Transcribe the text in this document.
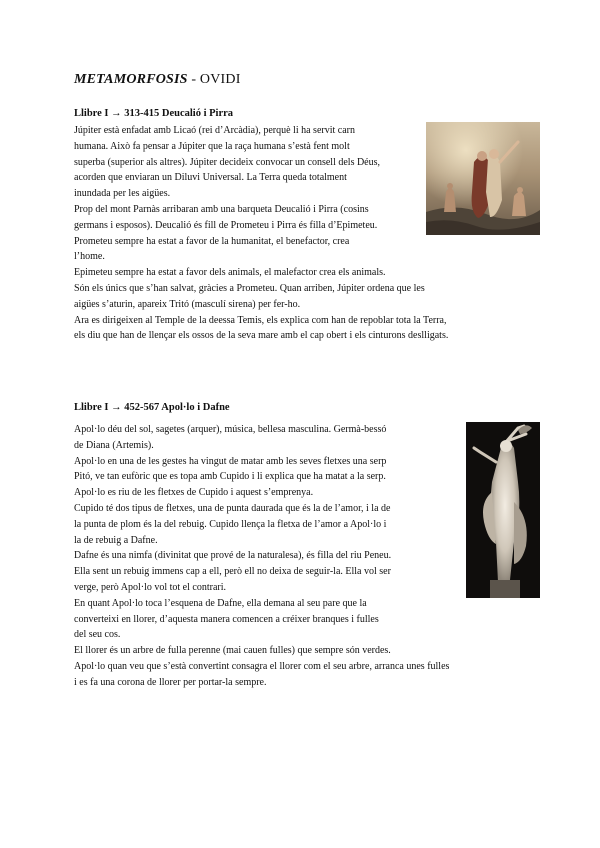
METAMORFOSIS - OVIDI
Llibre I → 313-415 Deucalió i Pirra

Júpiter està enfadat amb Licaó (rei d’Arcàdia), perquè li ha servit carn

humana. Això fa pensar a Júpiter que la raça humana s’està fent molt

superba (superior als altres). Júpiter decideix convocar un consell dels Déus,

acorden que enviaran un Diluvi Universal. La Terra queda totalment

inundada per les aigües.

Prop del mont Parnàs arribaran amb una barqueta Deucalió i Pirra (cosins

germans i esposos). Deucalió és fill de Prometeu i Pirra és filla d’Epimeteu.

Prometeu sempre ha estat a favor de la humanitat, el benefactor, crea

l’home.

Epimeteu sempre ha estat a favor dels animals, el malefactor crea els animals.

Són els únics que s’han salvat, gràcies a Prometeu. Quan arriben, Júpiter ordena que les

aigües s’aturin, apareix Tritó (masculí sirena) per fer-ho.

Ara es dirigeixen al Temple de la deessa Temis, els explica com han de repoblar tota la Terra,

els diu que han de llençar els ossos de la seva mare amb el cap obert i els cinturons deslligats.

Llibre I → 452-567 Apol·lo i Dafne

Apol·lo déu del sol, sagetes (arquer), música, bellesa masculina. Germà-bessó

de Diana (Artemis).

Apol·lo en una de les gestes ha vingut de matar amb les seves fletxes una serp

Pitó, ve tan eufòric que es topa amb Cupido i li explica que ha matat a la serp.

Apol·lo es riu de les fletxes de Cupido i aquest s’emprenya.

Cupido té dos tipus de fletxes, una de punta daurada que és la de l’amor, i la de

la punta de plom és la del rebuig. Cupido llença la fletxa de l’amor a Apol·lo i

la de rebuig a Dafne.

Dafne és una nimfa (divinitat que prové de la naturalesa), és filla del riu Peneu.

Ella sent un rebuig immens cap a ell, però ell no deixa de seguir-la. Ella vol ser

verge, però Apol·lo vol tot el contrari.

En quant Apol·lo toca l’esquena de Dafne, ella demana al seu pare que la

converteixi en llorer, d’aquesta manera comencen a créixer branques i fulles

del seu cos.

El llorer és un arbre de fulla perenne (mai cauen fulles) que sempre són verdes.

Apol·lo quan veu que s’està convertint consagra el llorer com el seu arbre, arranca unes fulles

i es fa una corona de llorer per portar-la sempre.
